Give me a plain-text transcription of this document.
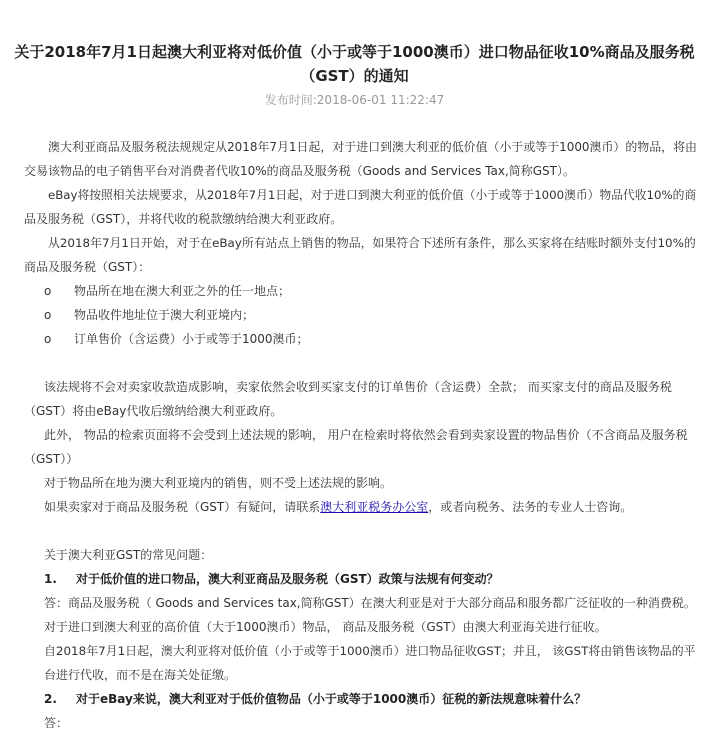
关于2018年7月1日起澳大利亚将对低价值（小于或等于1000澳币）进口物品征收10%商品及服务税
（GST）的通知
发布时间:2018-06-01 11:22:47
澳大利亚商品及服务税法规规定从2018年7月1日起，对于进口到澳大利亚的低价值（小于或等于1000澳币）的物品，将由
交易该物品的电子销售平台对消费者代收10%的商品及服务税（Goods and Services Tax,简称GST）。
eBay将按照相关法规要求，从2018年7月1日起，对于进口到澳大利亚的低价值（小于或等于1000澳币）物品代收10%的商
品及服务税（GST），并将代收的税款缴纳给澳大利亚政府。
从2018年7月1日开始，对于在eBay所有站点上销售的物品，如果符合下述所有条件，那么买家将在结账时额外支付10%的
商品及服务税（GST）：
o 物品所在地在澳大利亚之外的任一地点；
o 物品收件地址位于澳大利亚境内；
o 订单售价（含运费）小于或等于1000澳币；
该法规将不会对卖家收款造成影响，卖家依然会收到买家支付的订单售价（含运费）全款； 而买家支付的商品及服务税
（GST）将由eBay代收后缴纳给澳大利亚政府。
此外， 物品的检索页面将不会受到上述法规的影响， 用户在检索时将依然会看到卖家设置的物品售价（不含商品及服务税
（GST））
对于物品所在地为澳大利亚境内的销售，则不受上述法规的影响。
如果卖家对于商品及服务税（GST）有疑问，请联系澳大利亚税务办公室，或者向税务、法务的专业人士咨询。
关于澳大利亚GST的常见问题：
1. 对于低价值的进口物品，澳大利亚商品及服务税（GST）政策与法规有何变动？
答：商品及服务税（ Goods and Services tax,简称GST）在澳大利亚是对于大部分商品和服务都广泛征收的一种消费税。
对于进口到澳大利亚的高价值（大于1000澳币）物品， 商品及服务税（GST）由澳大利亚海关进行征收。
自2018年7月1日起，澳大利亚将对低价值（小于或等于1000澳币）进口物品征收GST；并且， 该GST将由销售该物品的平
台进行代收，而不是在海关处征缴。
2. 对于eBay来说，澳大利亚对于低价值物品（小于或等于1000澳币）征税的新法规意味着什么？
答：
